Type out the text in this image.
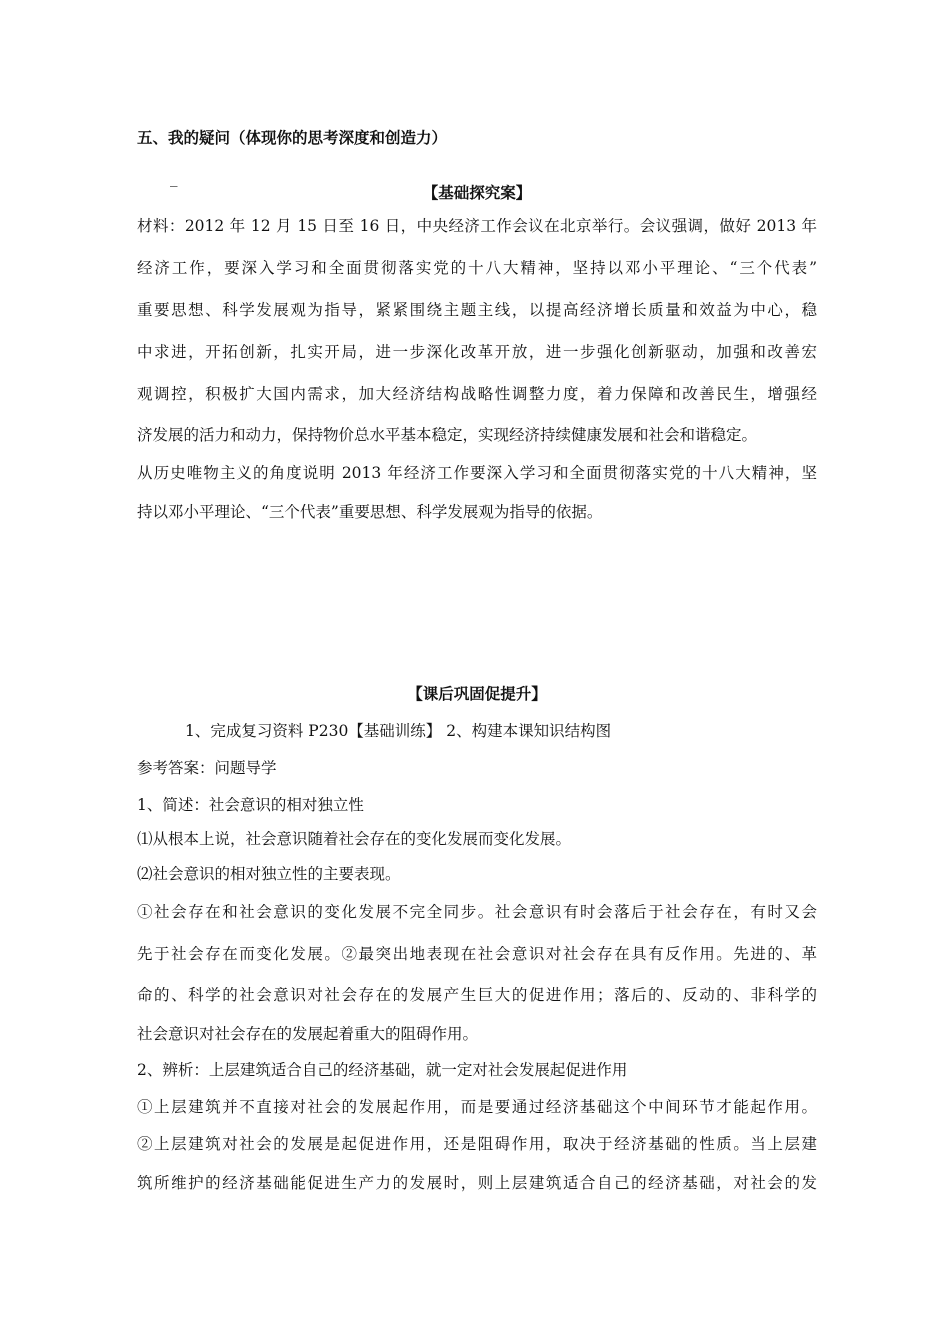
五、我的疑问（体现你的思考深度和创造力）
_
【基础探究案】
材料：2012 年 12 月 15 日至 16 日，中央经济工作会议在北京举行。会议强调，做好 2013 年
经济工作，要深入学习和全面贯彻落实党的十八大精神，坚持以邓小平理论、“三个代表”
重要思想、科学发展观为指导，紧紧围绕主题主线，以提高经济增长质量和效益为中心，稳
中求进，开拓创新，扎实开局，进一步深化改革开放，进一步强化创新驱动，加强和改善宏
观调控，积极扩大国内需求，加大经济结构战略性调整力度，着力保障和改善民生，增强经
济发展的活力和动力，保持物价总水平基本稳定，实现经济持续健康发展和社会和谐稳定。
从历史唯物主义的角度说明 2013 年经济工作要深入学习和全面贯彻落实党的十八大精神，坚
持以邓小平理论、“三个代表”重要思想、科学发展观为指导的依据。
【课后巩固促提升】
1、完成复习资料 P230【基础训练】 2、构建本课知识结构图
参考答案：问题导学
1、简述：社会意识的相对独立性
⑴从根本上说，社会意识随着社会存在的变化发展而变化发展。
⑵社会意识的相对独立性的主要表现。
①社会存在和社会意识的变化发展不完全同步。社会意识有时会落后于社会存在，有时又会
先于社会存在而变化发展。②最突出地表现在社会意识对社会存在具有反作用。先进的、革
命的、科学的社会意识对社会存在的发展产生巨大的促进作用；落后的、反动的、非科学的
社会意识对社会存在的发展起着重大的阻碍作用。
2、辨析：上层建筑适合自己的经济基础，就一定对社会发展起促进作用
①上层建筑并不直接对社会的发展起作用，而是要通过经济基础这个中间环节才能起作用。
②上层建筑对社会的发展是起促进作用，还是阻碍作用，取决于经济基础的性质。当上层建
筑所维护的经济基础能促进生产力的发展时，则上层建筑适合自己的经济基础，对社会的发
